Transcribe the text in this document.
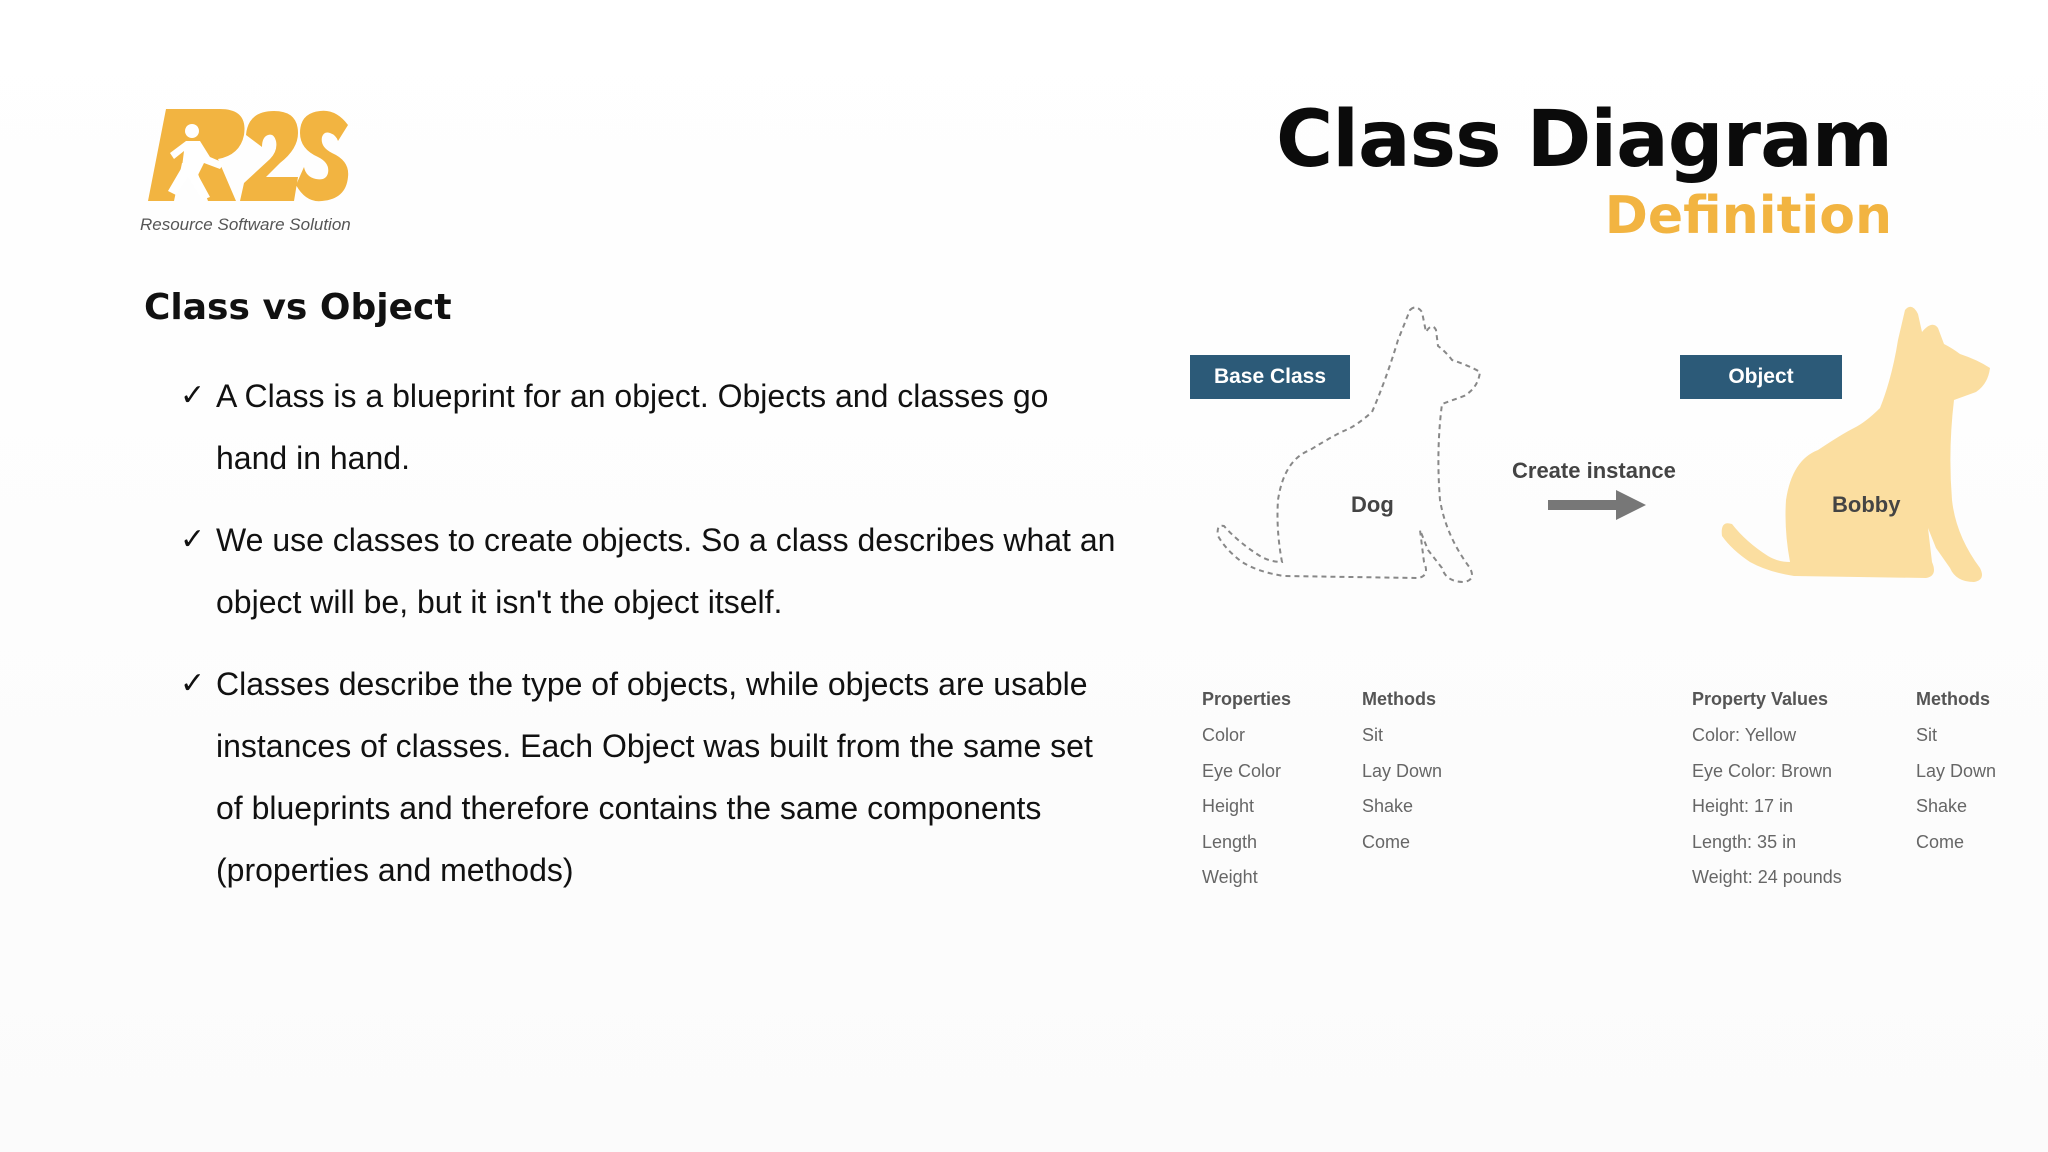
Resource Software Solution
Class Diagram
Definition
Class vs Object
✓ A Class is a blueprint for an object. Objects and classes go hand in hand.
✓ We use classes to create objects. So a class describes what an object will be, but it isn't the object itself.
✓ Classes describe the type of objects, while objects are usable instances of classes. Each Object was built from the same set of blueprints and therefore contains the same components (properties and methods)
Base Class	Object
Dog	Bobby
Create instance
Properties
Color
Eye Color
Height
Length
Weight
Methods
Sit
Lay Down
Shake
Come
Property Values
Color: Yellow
Eye Color: Brown
Height: 17 in
Length: 35 in
Weight: 24 pounds
Methods
Sit
Lay Down
Shake
Come
